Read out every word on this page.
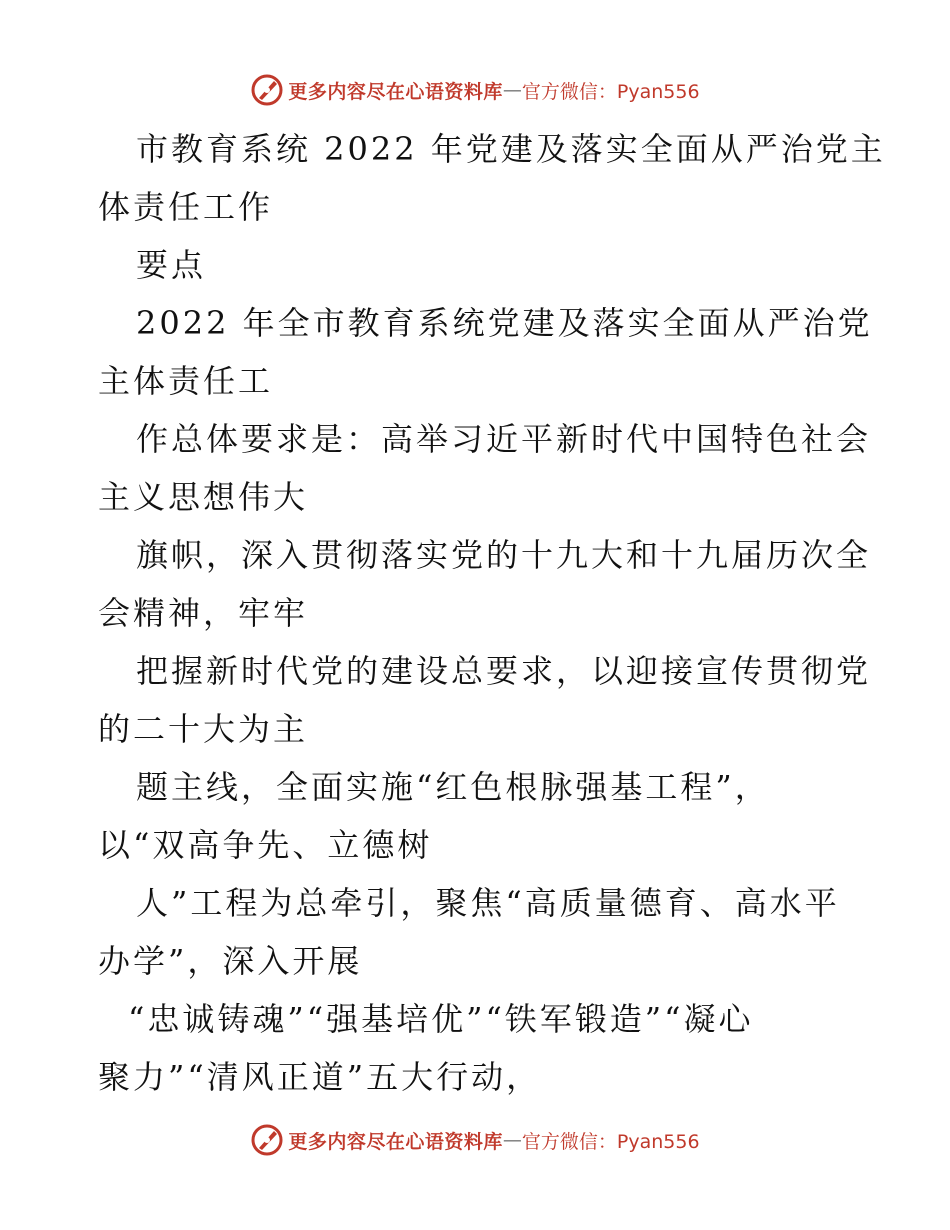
更多内容尽在心语资料库 — 官方微信：Pyan556
市教育系统 2022 年党建及落实全面从严治党主
体责任工作
要点
2022 年全市教育系统党建及落实全面从严治党
主体责任工
作总体要求是：高举习近平新时代中国特色社会
主义思想伟大
旗帜，深入贯彻落实党的十九大和十九届历次全
会精神，牢牢
把握新时代党的建设总要求，以迎接宣传贯彻党
的二十大为主
题主线，全面实施“红色根脉强基工程”，
以“双高争先、立德树
人”工程为总牵引，聚焦“高质量德育、高水平
办学”，深入开展
“忠诚铸魂”“强基培优”“铁军锻造”“凝心
聚力”“清风正道”五大行动，
更多内容尽在心语资料库 — 官方微信：Pyan556
